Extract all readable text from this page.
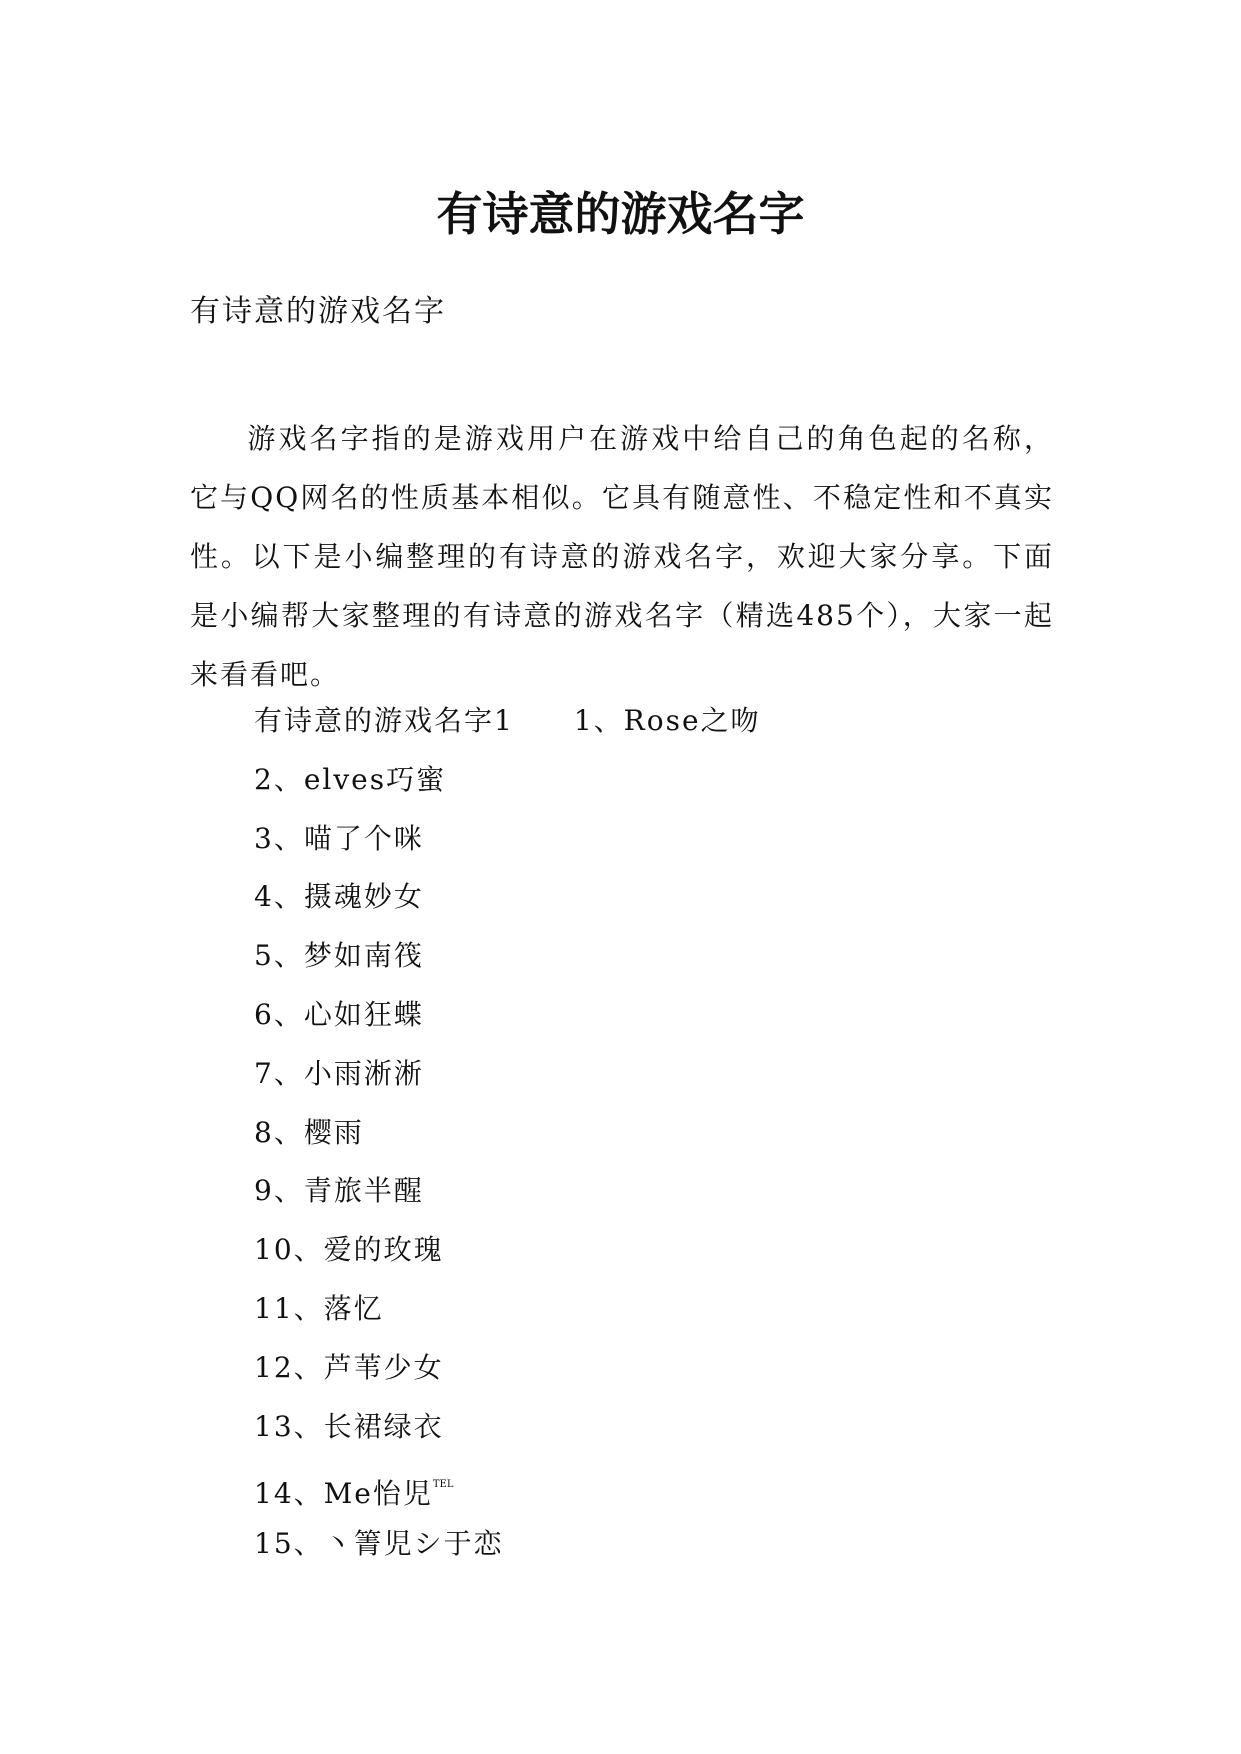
有诗意的游戏名字

有诗意的游戏名字

游戏名字指的是游戏用户在游戏中给自己的角色起的名称，它与QQ网名的性质基本相似。它具有随意性、不稳定性和不真实性。以下是小编整理的有诗意的游戏名字，欢迎大家分享。下面是小编帮大家整理的有诗意的游戏名字（精选485个），大家一起来看看吧。

有诗意的游戏名字1 1、Rose之吻
2、elves巧蜜
3、喵了个咪
4、摄魂妙女
5、梦如南筏
6、心如狂蝶
7、小雨淅淅
8、樱雨
9、青旅半醒
10、爱的玫瑰
11、落忆
12、芦苇少女
13、长裙绿衣
14、Me怡児$^{TEL}$
15、丶箐児シ于恋
